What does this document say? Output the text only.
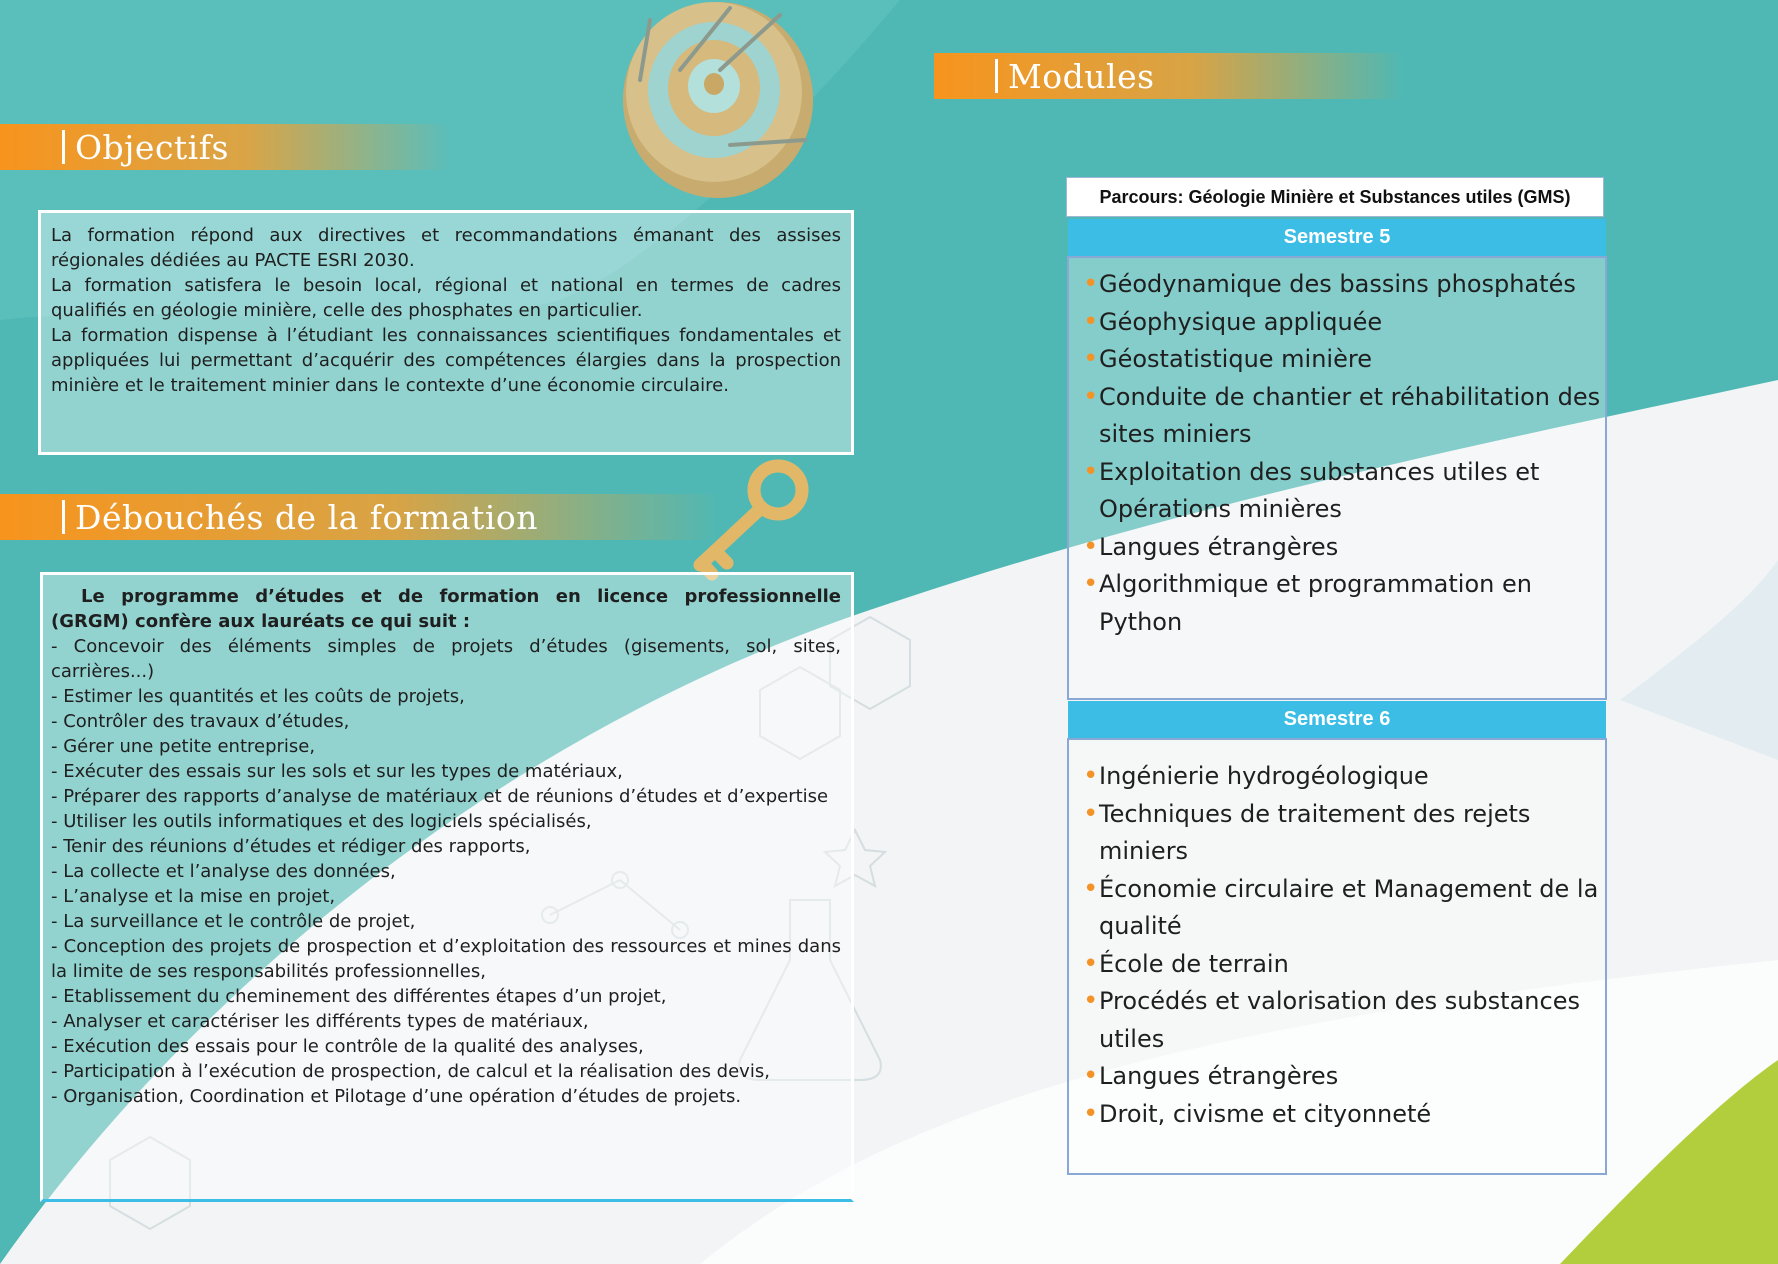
Objectifs

La formation répond aux directives et recommandations émanant des assises régionales dédiées au PACTE ESRI 2030.

La formation satisfera le besoin local, régional et national en termes de cadres qualifiés en géologie minière, celle des phosphates en particulier.

La formation dispense à l’étudiant les connaissances scientifiques fondamentales et appliquées lui permettant d’acquérir des compétences élargies dans la prospection minière et le traitement minier dans le contexte d’une économie circulaire.

Débouchés de la formation

Le programme d’études et de formation en licence professionnelle (GRGM) confère aux lauréats ce qui suit :

- Concevoir des éléments simples de projets d’études (gisements, sol, sites, carrières...)

- Estimer les quantités et les coûts de projets,

- Contrôler des travaux d’études,

- Gérer une petite entreprise,

- Exécuter des essais sur les sols et sur les types de matériaux,

- Préparer des rapports d’analyse de matériaux et de réunions d’études et d’expertise

- Utiliser les outils informatiques et des logiciels spécialisés,

- Tenir des réunions d’études et rédiger des rapports,

- La collecte et l’analyse des données,

- L’analyse et la mise en projet,

- La surveillance et le contrôle de projet,

- Conception des projets de prospection et d’exploitation des ressources et mines dans la limite de ses responsabilités professionnelles,

- Etablissement du cheminement des différentes étapes d’un projet,

- Analyser et caractériser les différents types de matériaux,

- Exécution des essais pour le contrôle de la qualité des analyses,

- Participation à l’exécution de prospection, de calcul et la réalisation des devis,

- Organisation, Coordination et Pilotage d’une opération d’études de projets.

Modules
Parcours: Géologie Minière et Substances utiles (GMS)
Semestre 5
• Géodynamique des bassins phosphatés
• Géophysique appliquée
• Géostatistique minière
• Conduite de chantier et réhabilitation des sites miniers
• Exploitation des substances utiles et Opérations minières
• Langues étrangères
• Algorithmique et programmation en Python
Semestre 6
• Ingénierie hydrogéologique
• Techniques de traitement des rejets miniers
• Économie circulaire et Management de la qualité
• École de terrain
• Procédés et valorisation des substances utiles
• Langues étrangères
• Droit, civisme et cityonneté
